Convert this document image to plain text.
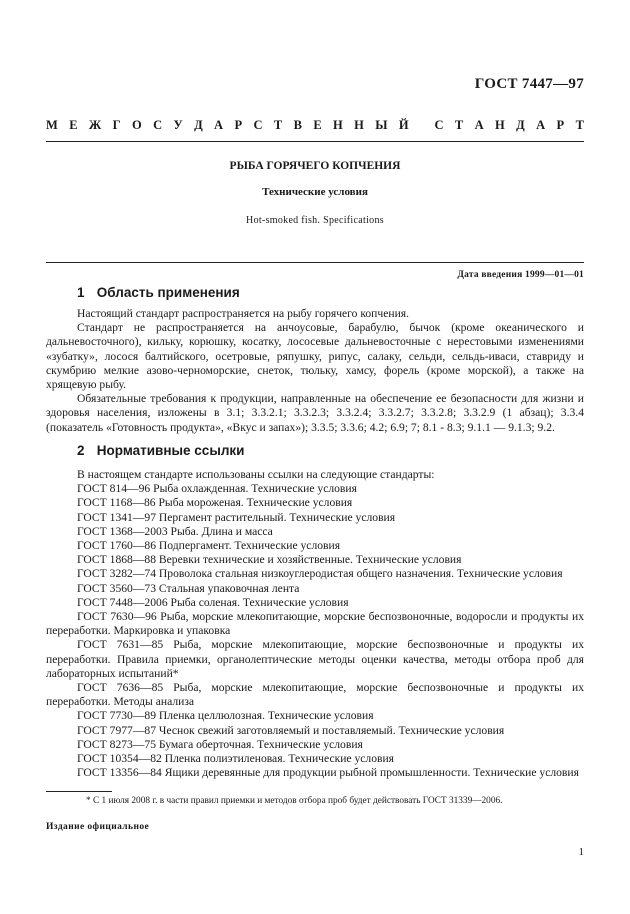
ГОСТ 7447—97
М Е Ж Г О С У Д А Р С Т В Е Н Н Ы Й
С Т А Н Д А Р Т
РЫБА ГОРЯЧЕГО КОПЧЕНИЯ
Технические условия
Hot-smoked fish. Specifications
Дата введения 1999—01—01
1 Область применения

Настоящий стандарт распространяется на рыбу горячего копчения.

Стандарт не распространяется на анчоусовые, барабулю, бычок (кроме океанического и дальневосточного), кильку, корюшку, косатку, лососевые дальневосточные с нерестовыми изменениями «зубатку», лосося балтийского, осетровые, ряпушку, рипус, салаку, сельди, сельдь-иваси, ставриду и скумбрию мелкие азово-черноморские, снеток, тюльку, хамсу, форель (кроме морской), а также на хрящевую рыбу.

Обязательные требования к продукции, направленные на обеспечение ее безопасности для жизни и здоровья населения, изложены в 3.1; 3.3.2.1; 3.3.2.3; 3.3.2.4; 3.3.2.7; 3.3.2.8; 3.3.2.9 (1 абзац); 3.3.4 (показатель «Готовность продукта», «Вкус и запах»); 3.3.5; 3.3.6; 4.2; 6.9; 7; 8.1 - 8.3; 9.1.1 — 9.1.3; 9.2.

2 Нормативные ссылки

В настоящем стандарте использованы ссылки на следующие стандарты:

ГОСТ 814—96 Рыба охлажденная. Технические условия

ГОСТ 1168—86 Рыба мороженая. Технические условия

ГОСТ 1341—97 Пергамент растительный. Технические условия

ГОСТ 1368—2003 Рыба. Длина и масса

ГОСТ 1760—86 Подпергамент. Технические условия

ГОСТ 1868—88 Веревки технические и хозяйственные. Технические условия

ГОСТ 3282—74 Проволока стальная низкоуглеродистая общего назначения. Технические условия

ГОСТ 3560—73 Стальная упаковочная лента

ГОСТ 7448—2006 Рыба соленая. Технические условия

ГОСТ 7630—96 Рыба, морские млекопитающие, морские беспозвоночные, водоросли и продукты их переработки. Маркировка и упаковка

ГОСТ 7631—85 Рыба, морские млекопитающие, морские беспозвоночные и продукты их переработки. Правила приемки, органолептические методы оценки качества, методы отбора проб для лабораторных испытаний*

ГОСТ 7636—85 Рыба, морские млекопитающие, морские беспозвоночные и продукты их переработки. Методы анализа

ГОСТ 7730—89 Пленка целлюлозная. Технические условия

ГОСТ 7977—87 Чеснок свежий заготовляемый и поставляемый. Технические условия

ГОСТ 8273—75 Бумага оберточная. Технические условия

ГОСТ 10354—82 Пленка полиэтиленовая. Технические условия

ГОСТ 13356—84 Ящики деревянные для продукции рыбной промышленности. Технические условия

* С 1 июля 2008 г. в части правил приемки и методов отбора проб будет действовать ГОСТ 31339—2006.
Издание официальное
1
